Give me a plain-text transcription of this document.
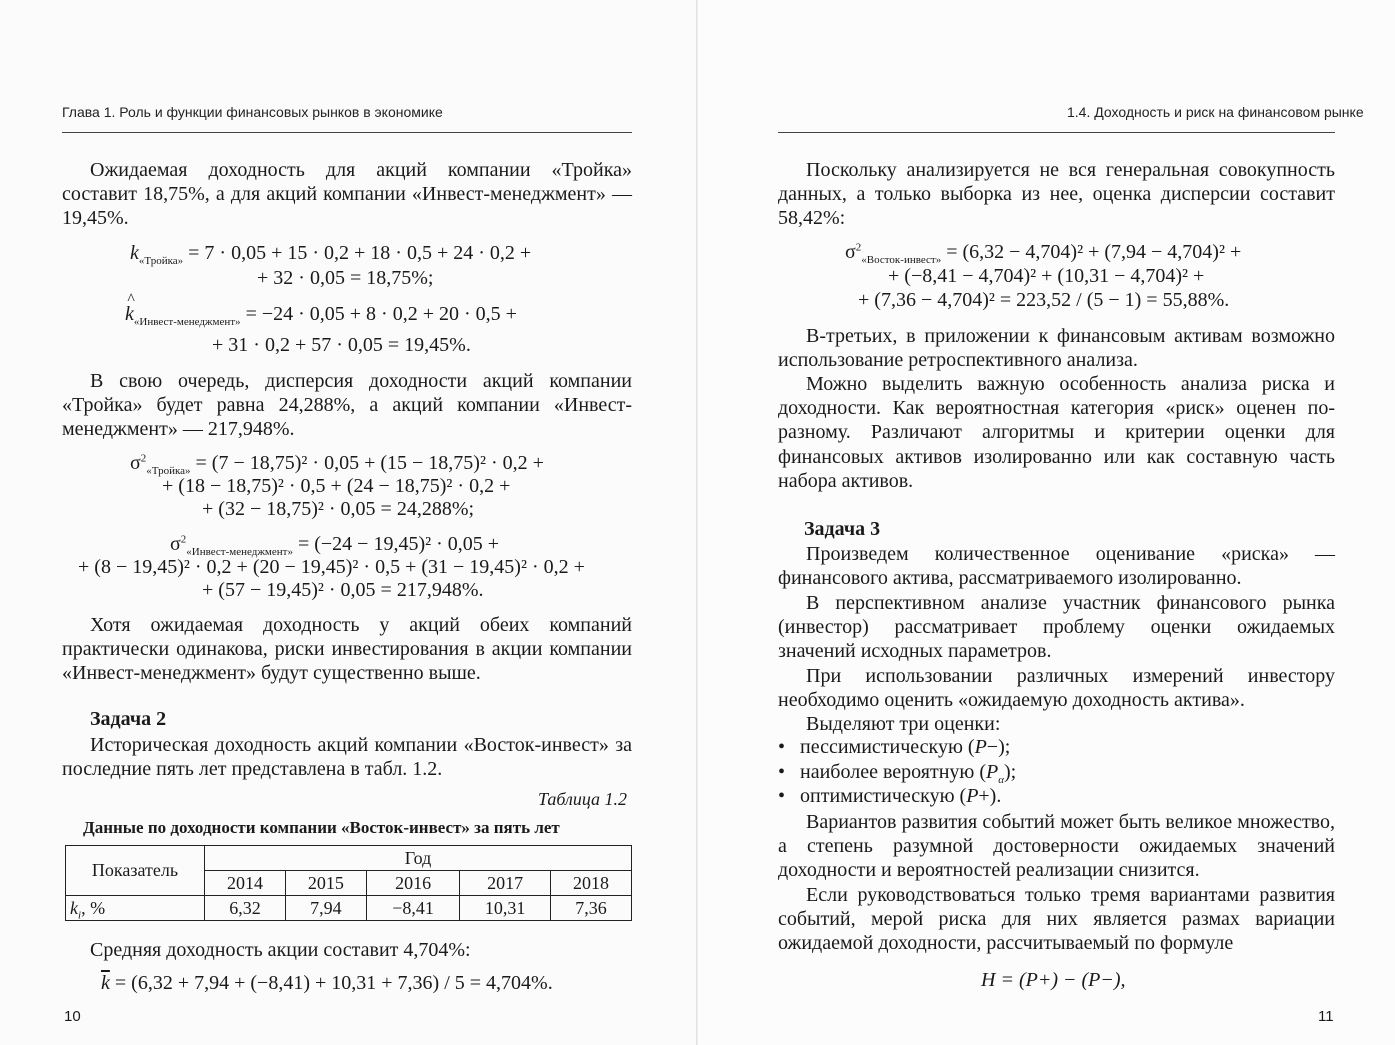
Глава 1. Роль и функции финансовых рынков в экономике
Ожидаемая доходность для акций компании «Тройка» составит 18,75%, а для акций компании «Инвест-менеджмент» — 19,45%.
$k_{«Тройка»} = 7 \cdot 0,05 + 15 \cdot 0,2 + 18 \cdot 0,5 + 24 \cdot 0,2$ +
+ 32 · 0,05 = 18,75%;
^ $k_{«Инвест-менеджмент»} = -24 \cdot 0,05 + 8 \cdot 0,2 + 20 \cdot 0,5$ +
+ 31 · 0,2 + 57 · 0,05 = 19,45%.
В свою очередь, дисперсия доходности акций компании «Тройка» будет равна 24,288%, а акций компании «Инвест-менеджмент» — 217,948%.
$\sigma^2_{«Тройка»} = (7 - 18,75)^2 \cdot 0,05 + (15 - 18,75)^2 \cdot 0,2$ +
+ (18 − 18,75)² · 0,5 + (24 − 18,75)² · 0,2 +
+ (32 − 18,75)² · 0,05 = 24,288%;
$\sigma^2_{«Инвест-менеджмент»} = (-24 - 19,45)^2 \cdot 0,05$ +
+ (8 − 19,45)² · 0,2 + (20 − 19,45)² · 0,5 + (31 − 19,45)² · 0,2 +
+ (57 − 19,45)² · 0,05 = 217,948%.
Хотя ожидаемая доходность у акций обеих компаний практически одинакова, риски инвестирования в акции компании «Инвест-менеджмент» будут существенно выше.
Задача 2
Историческая доходность акций компании «Восток-инвест» за последние пять лет представлена в табл. 1.2.
Таблица 1.2
Данные по доходности компании «Восток-инвест» за пять лет
Показатель	Год				
	2014	2015	2016	2017	2018
$k_i$, %	6,32	7,94	−8,41	10,31	7,36
Средняя доходность акции составит 4,704%:
$\overline{k} = (6,32 + 7,94 + (-8,41) + 10,31 + 7,36) / 5 = 4,704\%$.
10
1.4. Доходность и риск на финансовом рынке
Поскольку анализируется не вся генеральная совокупность данных, а только выборка из нее, оценка дисперсии составит 58,42%:
$\sigma^2_{«Восток-инвест»} = (6,32 - 4,704)^2 + (7,94 - 4,704)^2$ +
+ (−8,41 − 4,704)² + (10,31 − 4,704)² +
+ (7,36 − 4,704)² = 223,52 / (5 − 1) = 55,88%.
В-третьих, в приложении к финансовым активам возможно использование ретроспективного анализа.
Можно выделить важную особенность анализа риска и доходности. Как вероятностная категория «риск» оценен по-разному. Различают алгоритмы и критерии оценки для финансовых активов изолированно или как составную часть набора активов.
Задача 3
Произведем количественное оценивание «риска» — финансового актива, рассматриваемого изолированно.
В перспективном анализе участник финансового рынка (инвестор) рассматривает проблему оценки ожидаемых значений исходных параметров.
При использовании различных измерений инвестору необходимо оценить «ожидаемую доходность актива».
Выделяют три оценки:
•   пессимистическую (P−);
•   наиболее вероятную $(P_\alpha)$;
•   оптимистическую (P+).
Вариантов развития событий может быть великое множество, а степень разумной достоверности ожидаемых значений доходности и вероятностей реализации снизится.
Если руководствоваться только тремя вариантами развития событий, мерой риска для них является размах вариации ожидаемой доходности, рассчитываемый по формуле
H = (P+) − (P−),
11
